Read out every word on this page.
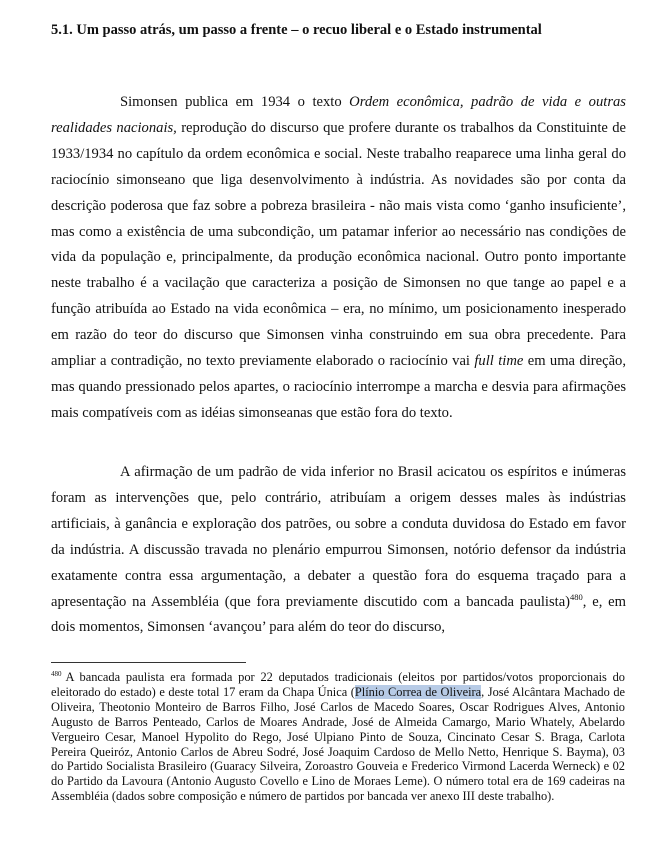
5.1. Um passo atrás, um passo a frente – o recuo liberal e o Estado instrumental

Simonsen publica em 1934 o texto Ordem econômica, padrão de vida e outras realidades nacionais, reprodução do discurso que profere durante os trabalhos da Constituinte de 1933/1934 no capítulo da ordem econômica e social. Neste trabalho reaparece uma linha geral do raciocínio simonseano que liga desenvolvimento à indústria. As novidades são por conta da descrição poderosa que faz sobre a pobreza brasileira - não mais vista como ‘ganho insuficiente’, mas como a existência de uma subcondição, um patamar inferior ao necessário nas condições de vida da população e, principalmente, da produção econômica nacional. Outro ponto importante neste trabalho é a vacilação que caracteriza a posição de Simonsen no que tange ao papel e a função atribuída ao Estado na vida econômica – era, no mínimo, um posicionamento inesperado em razão do teor do discurso que Simonsen vinha construindo em sua obra precedente. Para ampliar a contradição, no texto previamente elaborado o raciocínio vai full time em uma direção, mas quando pressionado pelos apartes, o raciocínio interrompe a marcha e desvia para afirmações mais compatíveis com as idéias simonseanas que estão fora do texto.

A afirmação de um padrão de vida inferior no Brasil acicatou os espíritos e inúmeras foram as intervenções que, pelo contrário, atribuíam a origem desses males às indústrias artificiais, à ganância e exploração dos patrões, ou sobre a conduta duvidosa do Estado em favor da indústria. A discussão travada no plenário empurrou Simonsen, notório defensor da indústria exatamente contra essa argumentação, a debater a questão fora do esquema traçado para a apresentação na Assembléia (que fora previamente discutido com a bancada paulista)$^{480}$, e, em dois momentos, Simonsen ‘avançou’ para além do teor do discurso,

$^{480}$ A bancada paulista era formada por 22 deputados tradicionais (eleitos por partidos/votos proporcionais do eleitorado do estado) e deste total 17 eram da Chapa Única (Plínio Correa de Oliveira, José Alcântara Machado de Oliveira, Theotonio Monteiro de Barros Filho, José Carlos de Macedo Soares, Oscar Rodrigues Alves, Antonio Augusto de Barros Penteado, Carlos de Moares Andrade, José de Almeida Camargo, Mario Whately, Abelardo Vergueiro Cesar, Manoel Hypolito do Rego, José Ulpiano Pinto de Souza, Cincinato Cesar S. Braga, Carlota Pereira Queiróz, Antonio Carlos de Abreu Sodré, José Joaquim Cardoso de Mello Netto, Henrique S. Bayma), 03 do Partido Socialista Brasileiro (Guaracy Silveira, Zoroastro Gouveia e Frederico Virmond Lacerda Werneck) e 02 do Partido da Lavoura (Antonio Augusto Covello e Lino de Moraes Leme). O número total era de 169 cadeiras na Assembléia (dados sobre composição e número de partidos por bancada ver anexo III deste trabalho).
